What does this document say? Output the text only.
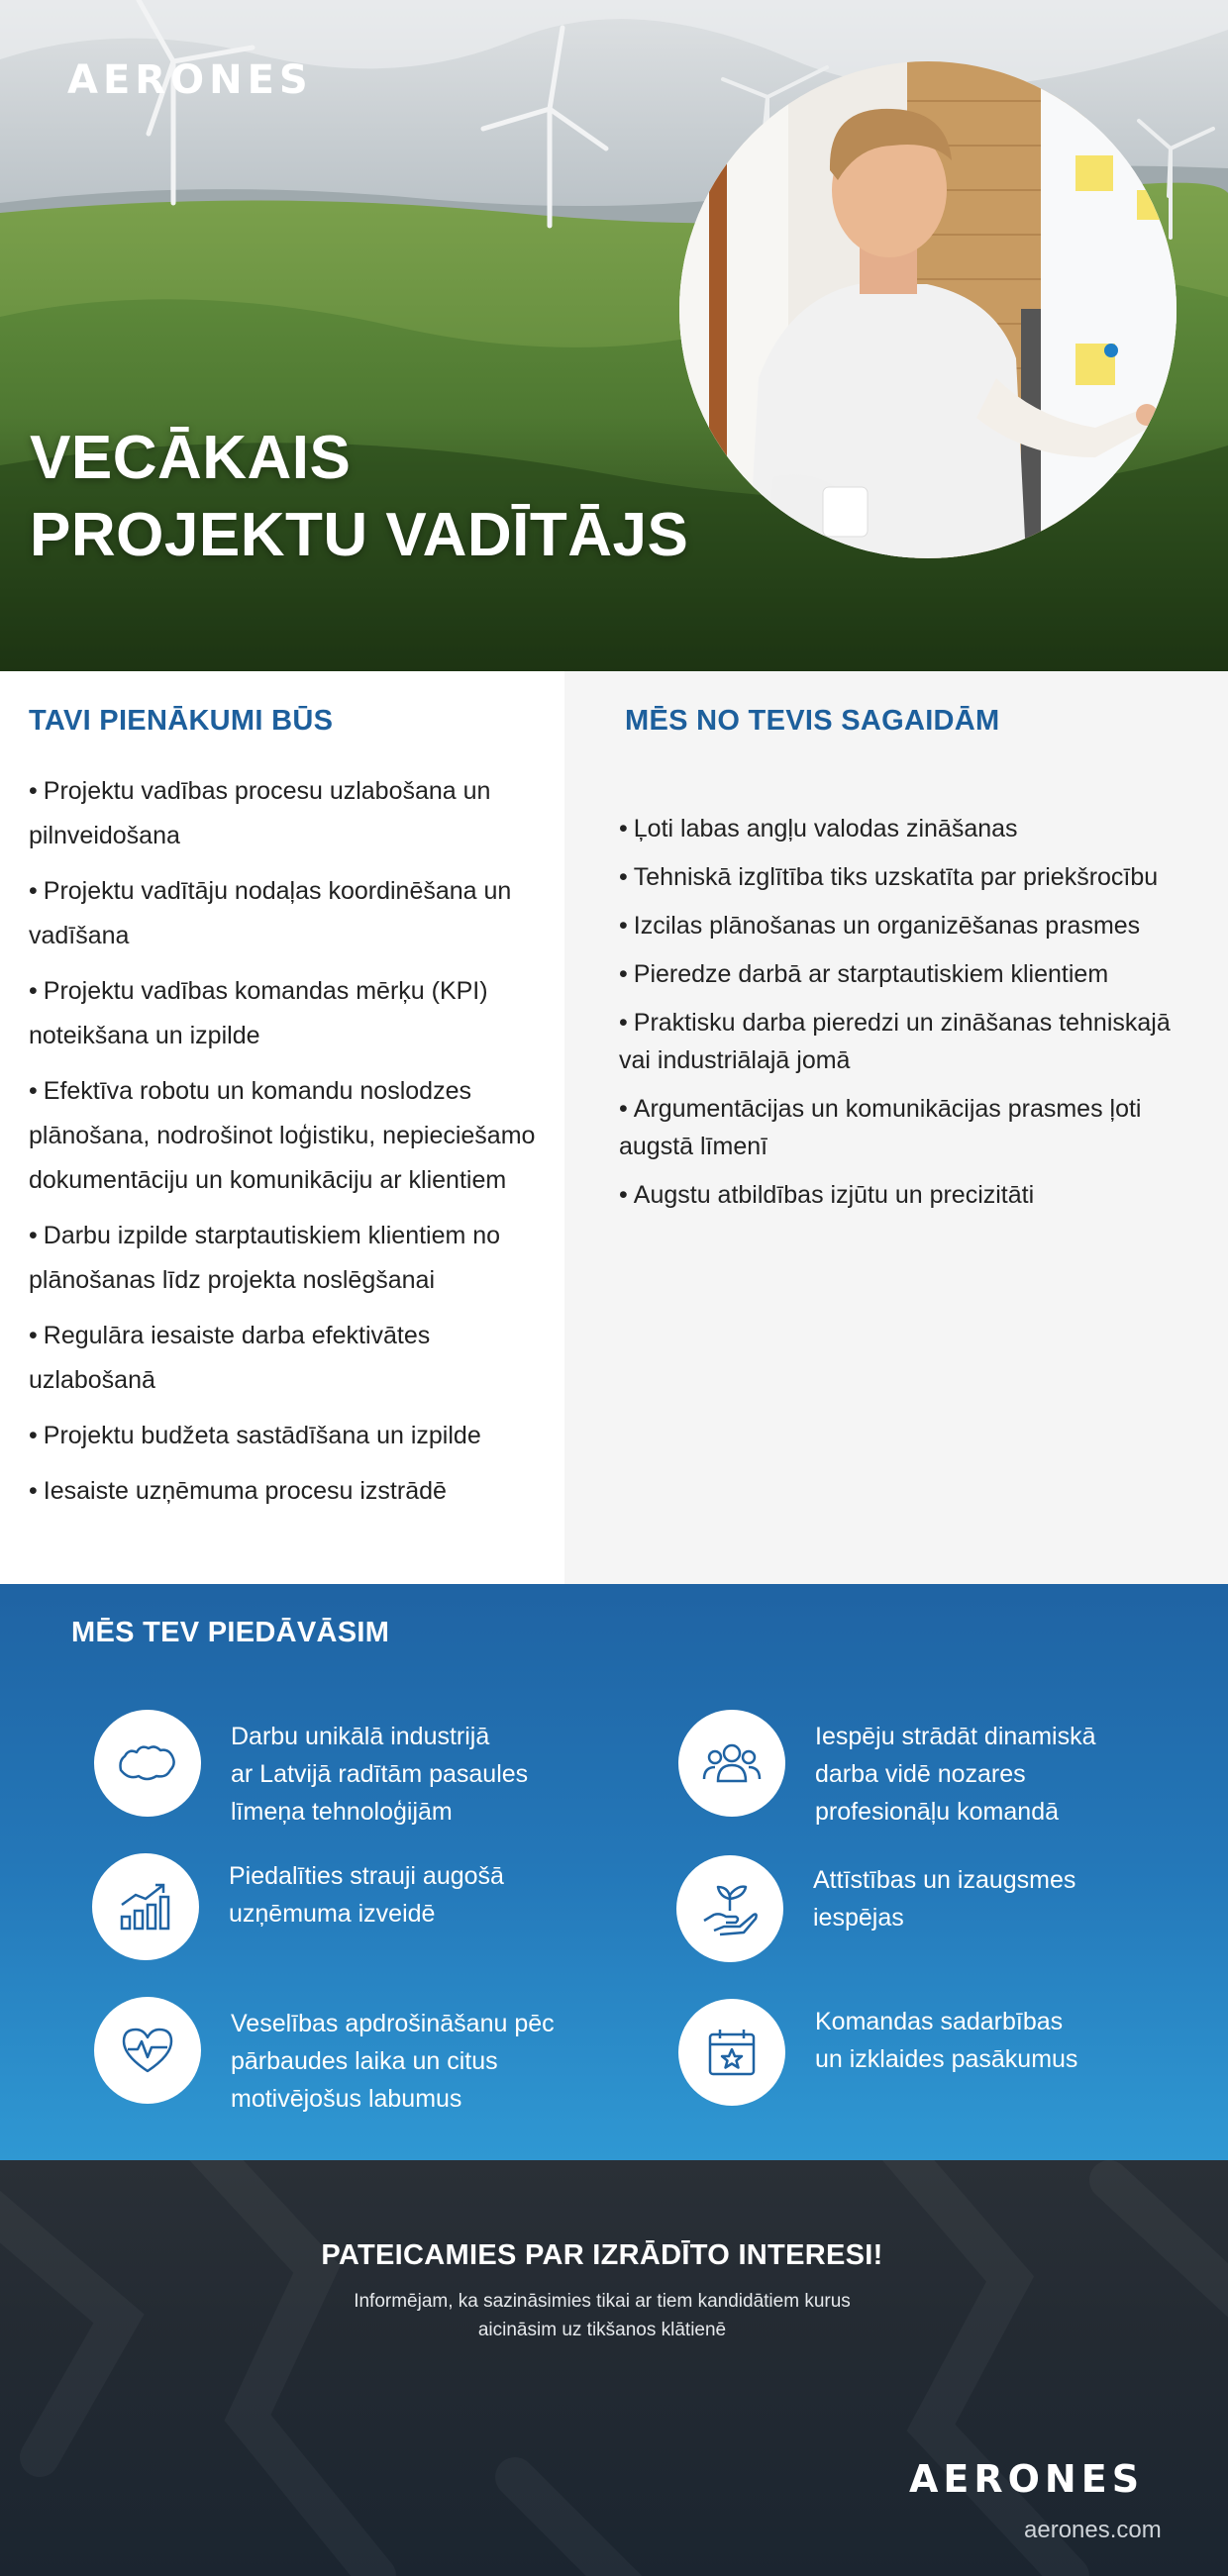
AERONES
VECĀKAIS
PROJEKTU VADĪTĀJS
TAVI PIENĀKUMI BŪS
• Projektu vadības procesu uzlabošana un pilnveidošana
• Projektu vadītāju nodaļas koordinēšana un vadīšana
• Projektu vadības komandas mērķu (KPI) noteikšana un izpilde
• Efektīva robotu un komandu noslodzes plānošana, nodrošinot loģistiku, nepieciešamo dokumentāciju un komunikāciju ar klientiem
• Darbu izpilde starptautiskiem klientiem no plānošanas līdz projekta noslēgšanai
• Regulāra iesaiste darba efektivātes uzlabošanā
• Projektu budžeta sastādīšana un izpilde
• Iesaiste uzņēmuma procesu izstrādē
MĒS NO TEVIS SAGAIDĀM
• Ļoti labas angļu valodas zināšanas
• Tehniskā izglītība tiks uzskatīta par priekšrocību
• Izcilas plānošanas un organizēšanas prasmes
• Pieredze darbā ar starptautiskiem klientiem
• Praktisku darba pieredzi un zināšanas tehniskajā vai industriālajā jomā
• Argumentācijas un komunikācijas prasmes ļoti augstā līmenī
• Augstu atbildības izjūtu un precizitāti
MĒS TEV PIEDĀVĀSIM
Darbu unikālā industrijā
ar Latvijā radītām pasaules
līmeņa tehnoloģijām
Iespēju strādāt dinamiskā
darba vidē nozares
profesionāļu komandā
Piedalīties strauji augošā
uzņēmuma izveidē
Attīstības un izaugsmes
iespējas
Veselības apdrošināšanu pēc
pārbaudes laika un citus
motivējošus labumus
Komandas sadarbības
un izklaides pasākumus
PATEICAMIES PAR IZRĀDĪTO INTERESI!
Informējam, ka sazināsimies tikai ar tiem kandidātiem kurus
aicināsim uz tikšanos klātienē
AERONES
aerones.com
